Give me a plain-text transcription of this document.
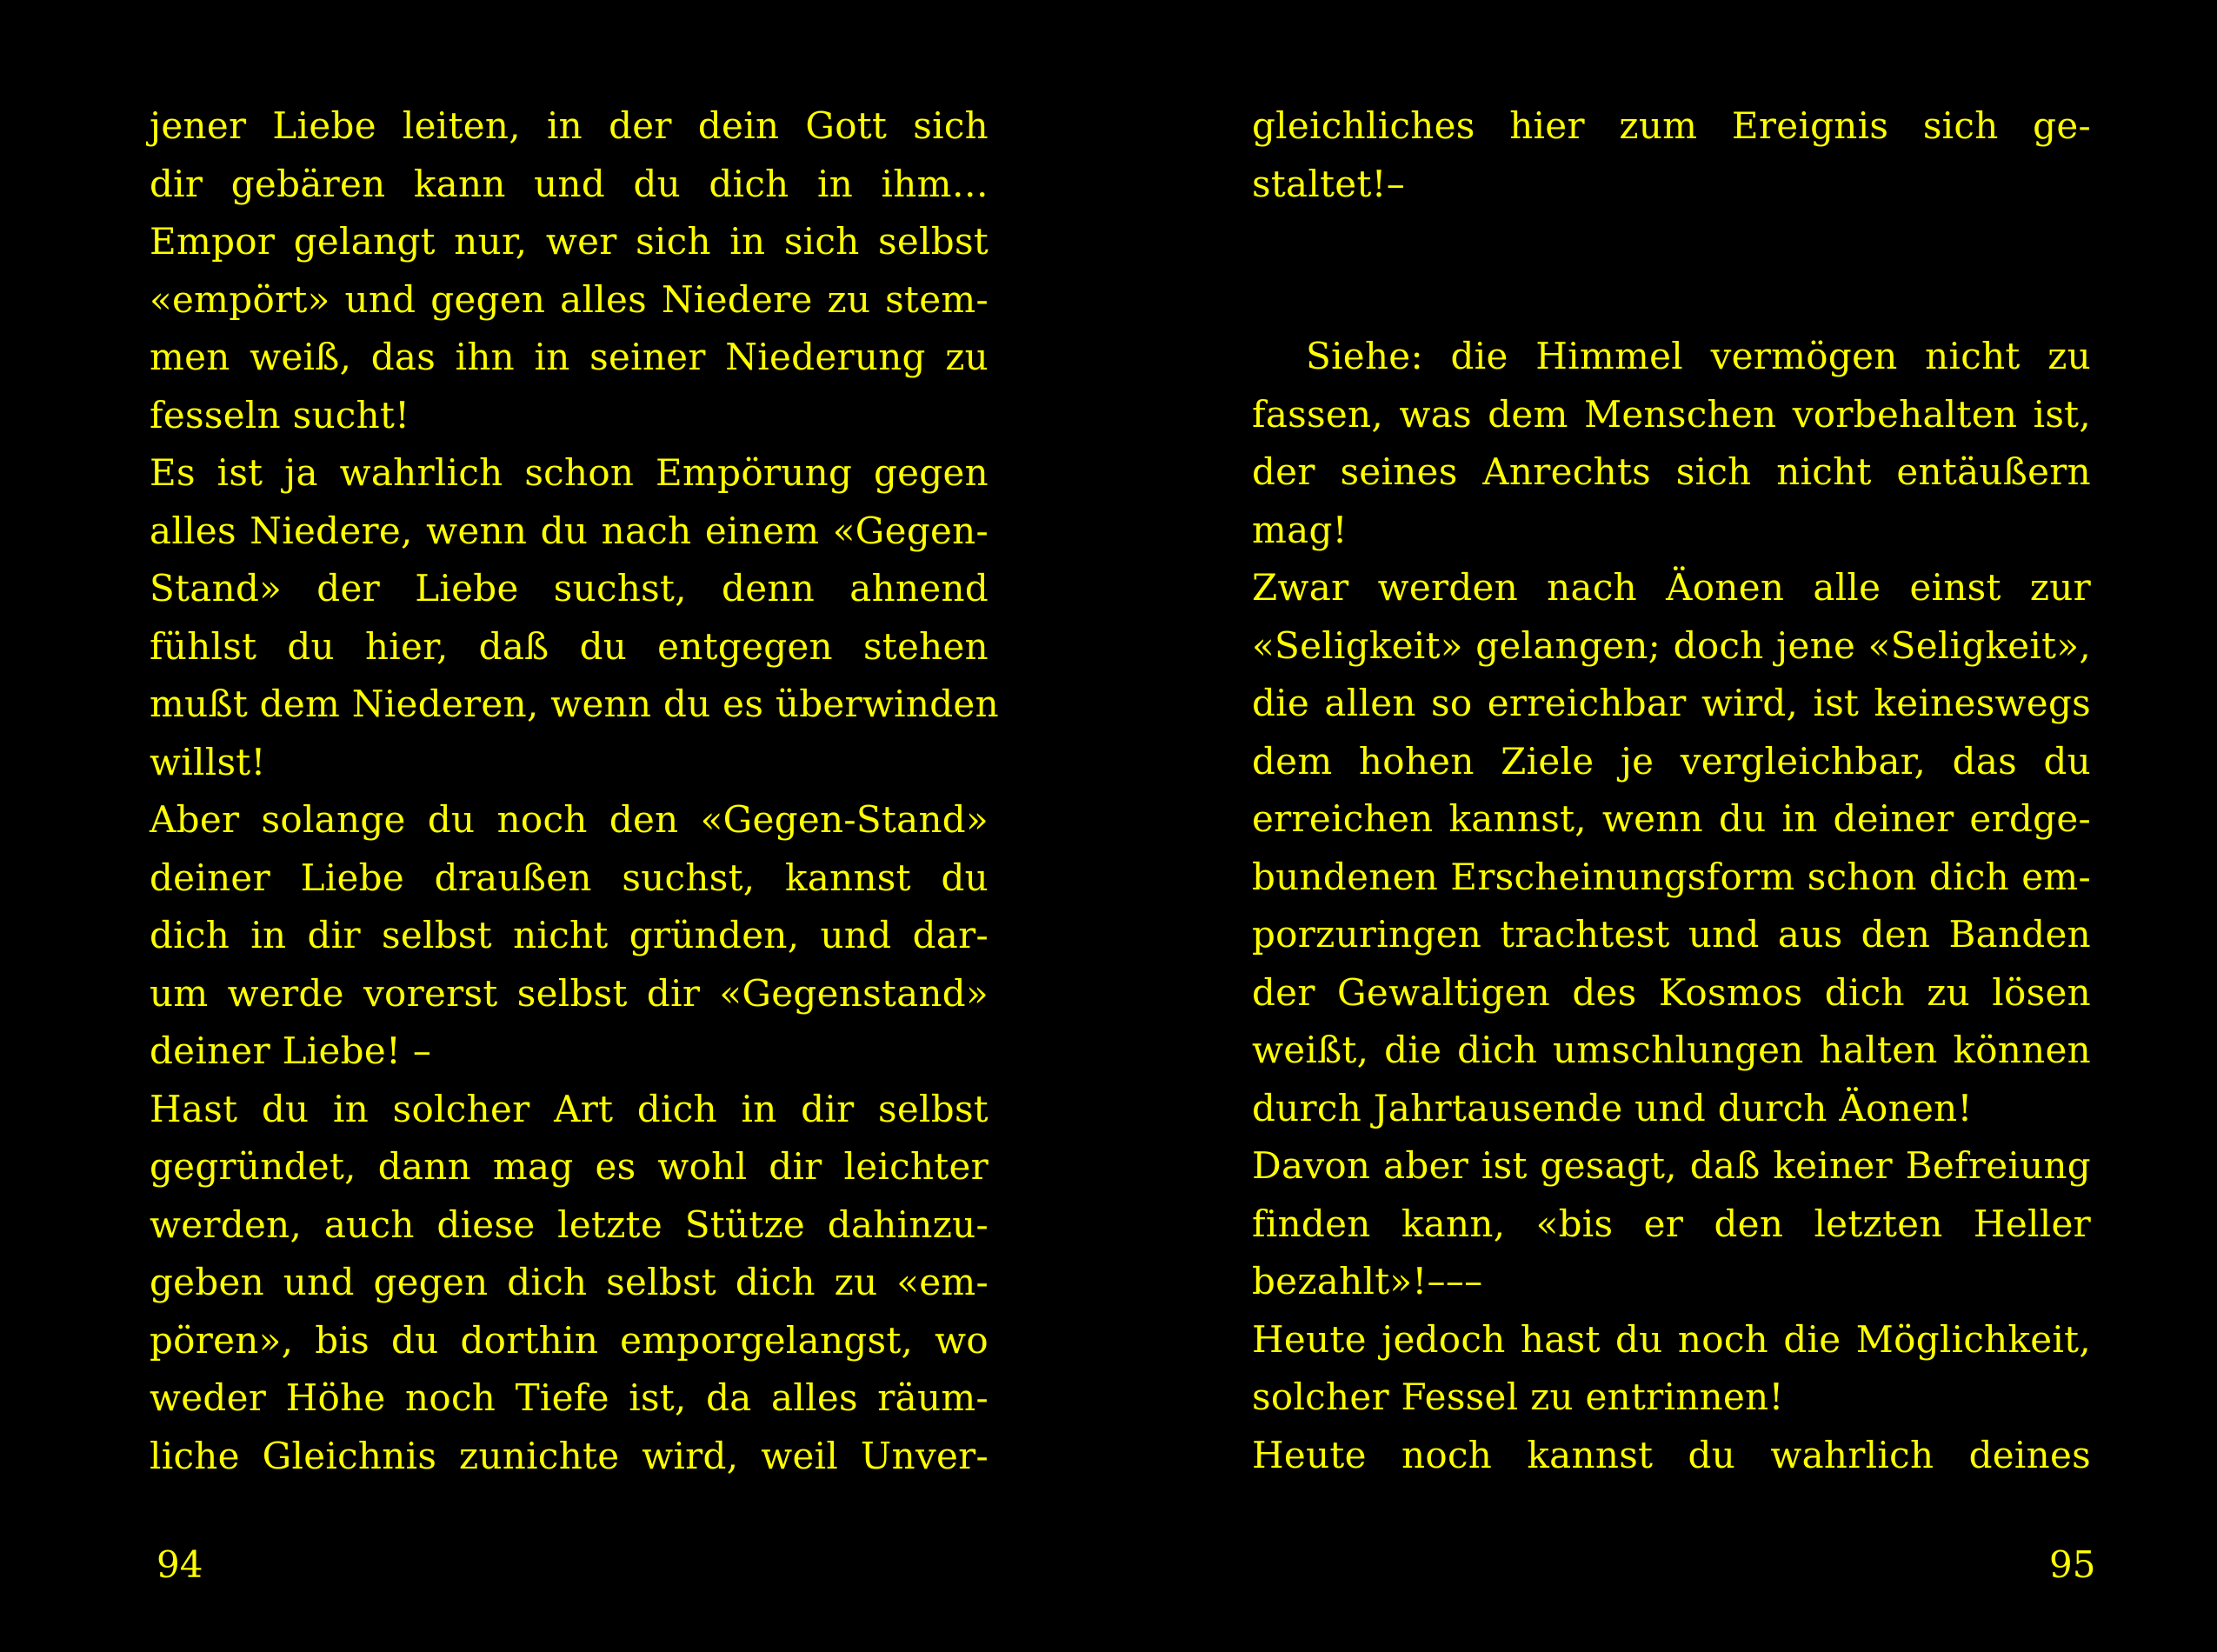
jener Liebe leiten, in der dein Gott sich
dir gebären kann und du dich in ihm…
Empor gelangt nur, wer sich in sich selbst
«empört» und gegen alles Niedere zu stem-
men weiß, das ihn in seiner Niederung zu
fesseln sucht!
Es ist ja wahrlich schon Empörung gegen
alles Niedere, wenn du nach einem «Gegen-
Stand» der Liebe suchst, denn ahnend
fühlst du hier, daß du entgegen stehen
mußt dem Niederen, wenn du es überwinden
willst!
Aber solange du noch den «Gegen-Stand»
deiner Liebe draußen suchst, kannst du
dich in dir selbst nicht gründen, und dar-
um werde vorerst selbst dir «Gegenstand»
deiner Liebe! –
Hast du in solcher Art dich in dir selbst
gegründet, dann mag es wohl dir leichter
werden, auch diese letzte Stütze dahinzu-
geben und gegen dich selbst dich zu «em-
pören», bis du dorthin emporgelangst, wo
weder Höhe noch Tiefe ist, da alles räum-
liche Gleichnis zunichte wird, weil Unver-
94
gleichliches hier zum Ereignis sich ge-
staltet!–
Siehe: die Himmel vermögen nicht zu
fassen, was dem Menschen vorbehalten ist,
der seines Anrechts sich nicht entäußern
mag!
Zwar werden nach Äonen alle einst zur
«Seligkeit» gelangen; doch jene «Seligkeit»,
die allen so erreichbar wird, ist keineswegs
dem hohen Ziele je vergleichbar, das du
erreichen kannst, wenn du in deiner erdge-
bundenen Erscheinungsform schon dich em-
porzuringen trachtest und aus den Banden
der Gewaltigen des Kosmos dich zu lösen
weißt, die dich umschlungen halten können
durch Jahrtausende und durch Äonen!
Davon aber ist gesagt, daß keiner Befreiung
finden kann, «bis er den letzten Heller
bezahlt»!–––
Heute jedoch hast du noch die Möglichkeit,
solcher Fessel zu entrinnen!
Heute noch kannst du wahrlich deines
95
